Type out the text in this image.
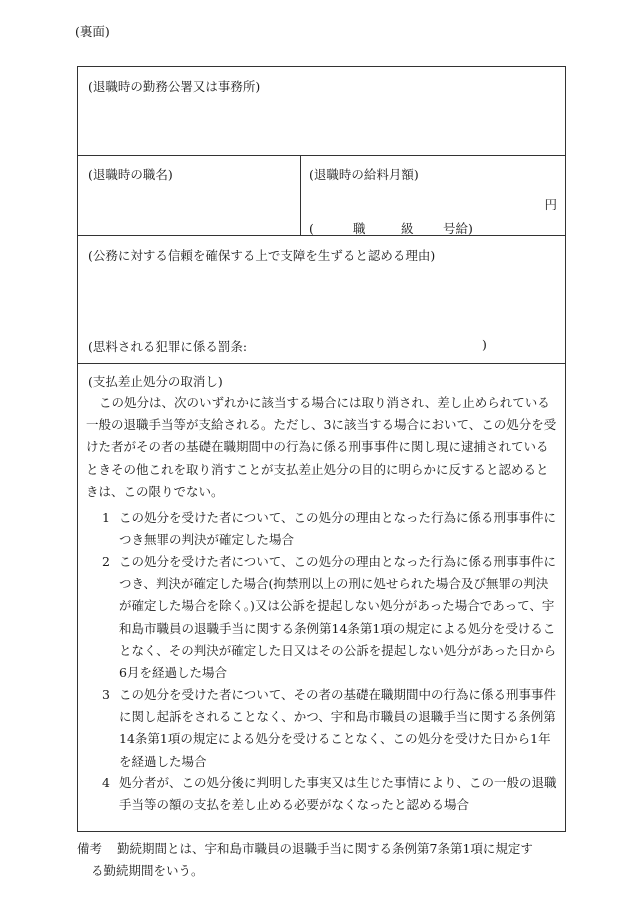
(裏面)
(退職時の勤務公署又は事務所)
(退職時の職名)	(退職時の給料月額)
円
(	職	級 号給)
(公務に対する信頼を確保する上で支障を生ずると認める理由)
(思料される犯罪に係る罰条:	)
(支払差止処分の取消し)
この処分は、次のいずれかに該当する場合には取り消され、差し止められている一般の退職手当等が支給される。ただし、3に該当する場合において、この処分を受けた者がその者の基礎在職期間中の行為に係る刑事事件に関し現に逮捕されているときその他これを取り消すことが支払差止処分の目的に明らかに反すると認めるときは、この限りでない。
1 この処分を受けた者について、この処分の理由となった行為に係る刑事事件につき無罪の判決が確定した場合
2 この処分を受けた者について、この処分の理由となった行為に係る刑事事件につき、判決が確定した場合(拘禁刑以上の刑に処せられた場合及び無罪の判決が確定した場合を除く。)又は公訴を提起しない処分があった場合であって、宇和島市職員の退職手当に関する条例第14条第1項の規定による処分を受けることなく、その判決が確定した日又はその公訴を提起しない処分があった日から6月を経過した場合
3 この処分を受けた者について、その者の基礎在職期間中の行為に係る刑事事件に関し起訴をされることなく、かつ、宇和島市職員の退職手当に関する条例第14条第1項の規定による処分を受けることなく、この処分を受けた日から1年を経過した場合
4 処分者が、この処分後に判明した事実又は生じた事情により、この一般の退職手当等の額の支払を差し止める必要がなくなったと認める場合
備考 勤続期間とは、宇和島市職員の退職手当に関する条例第7条第1項に規定す
る勤続期間をいう。
